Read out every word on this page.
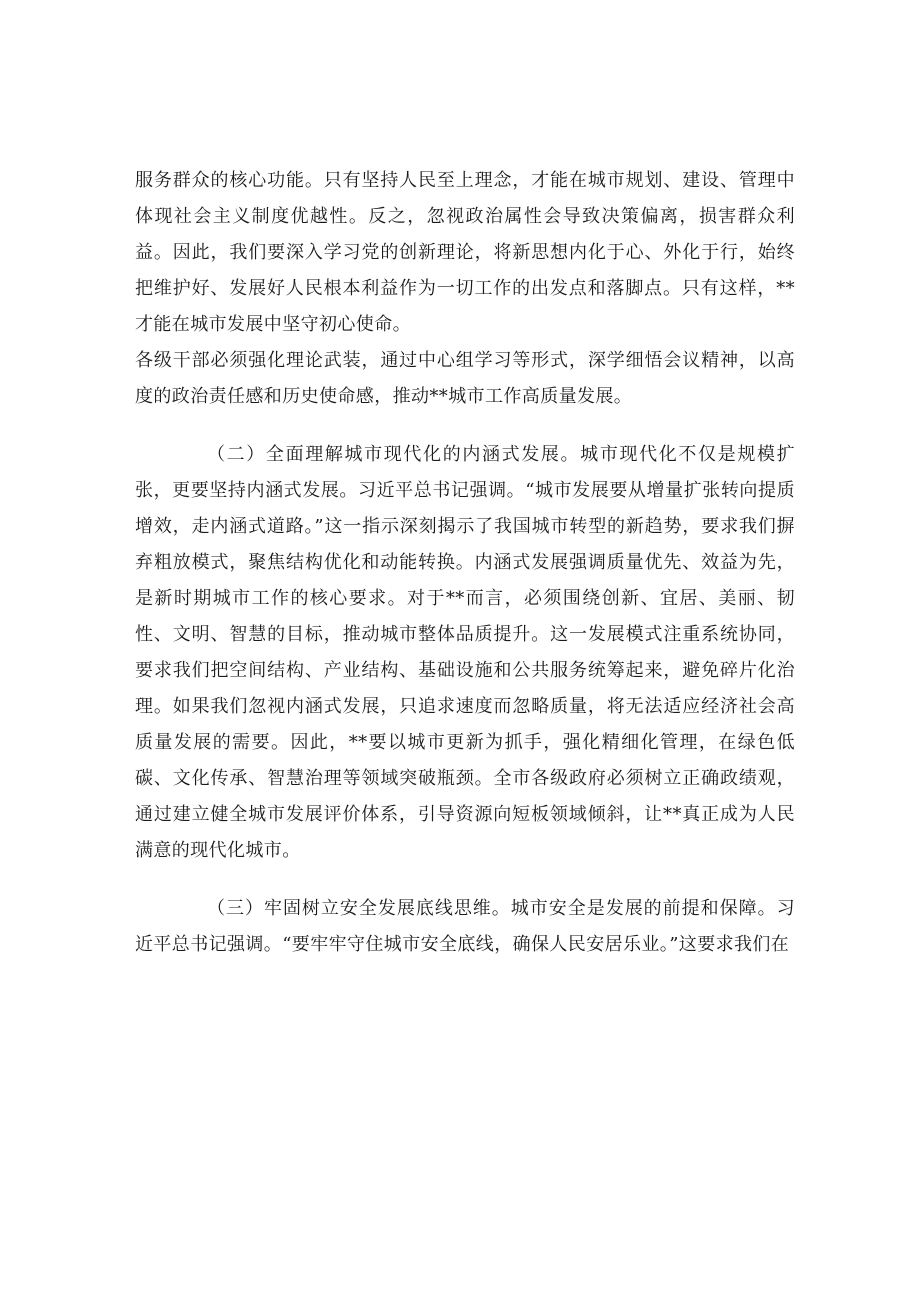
服务群众的核心功能。只有坚持人民至上理念，才能在城市规划、建设、管理中体现社会主义制度优越性。反之，忽视政治属性会导致决策偏离，损害群众利益。因此，我们要深入学习党的创新理论，将新思想内化于心、外化于行，始终把维护好、发展好人民根本利益作为一切工作的出发点和落脚点。只有这样，**才能在城市发展中坚守初心使命。

各级干部必须强化理论武装，通过中心组学习等形式，深学细悟会议精神，以高度的政治责任感和历史使命感，推动**城市工作高质量发展。

（二）全面理解城市现代化的内涵式发展。城市现代化不仅是规模扩张，更要坚持内涵式发展。习近平总书记强调。“城市发展要从增量扩张转向提质增效，走内涵式道路。”这一指示深刻揭示了我国城市转型的新趋势，要求我们摒弃粗放模式，聚焦结构优化和动能转换。内涵式发展强调质量优先、效益为先，是新时期城市工作的核心要求。对于**而言，必须围绕创新、宜居、美丽、韧性、文明、智慧的目标，推动城市整体品质提升。这一发展模式注重系统协同，要求我们把空间结构、产业结构、基础设施和公共服务统筹起来，避免碎片化治理。如果我们忽视内涵式发展，只追求速度而忽略质量，将无法适应经济社会高质量发展的需要。因此，**要以城市更新为抓手，强化精细化管理，在绿色低碳、文化传承、智慧治理等领域突破瓶颈。全市各级政府必须树立正确政绩观，通过建立健全城市发展评价体系，引导资源向短板领域倾斜，让**真正成为人民满意的现代化城市。

（三）牢固树立安全发展底线思维。城市安全是发展的前提和保障。习近平总书记强调。“要牢牢守住城市安全底线，确保人民安居乐业。”这要求我们在
